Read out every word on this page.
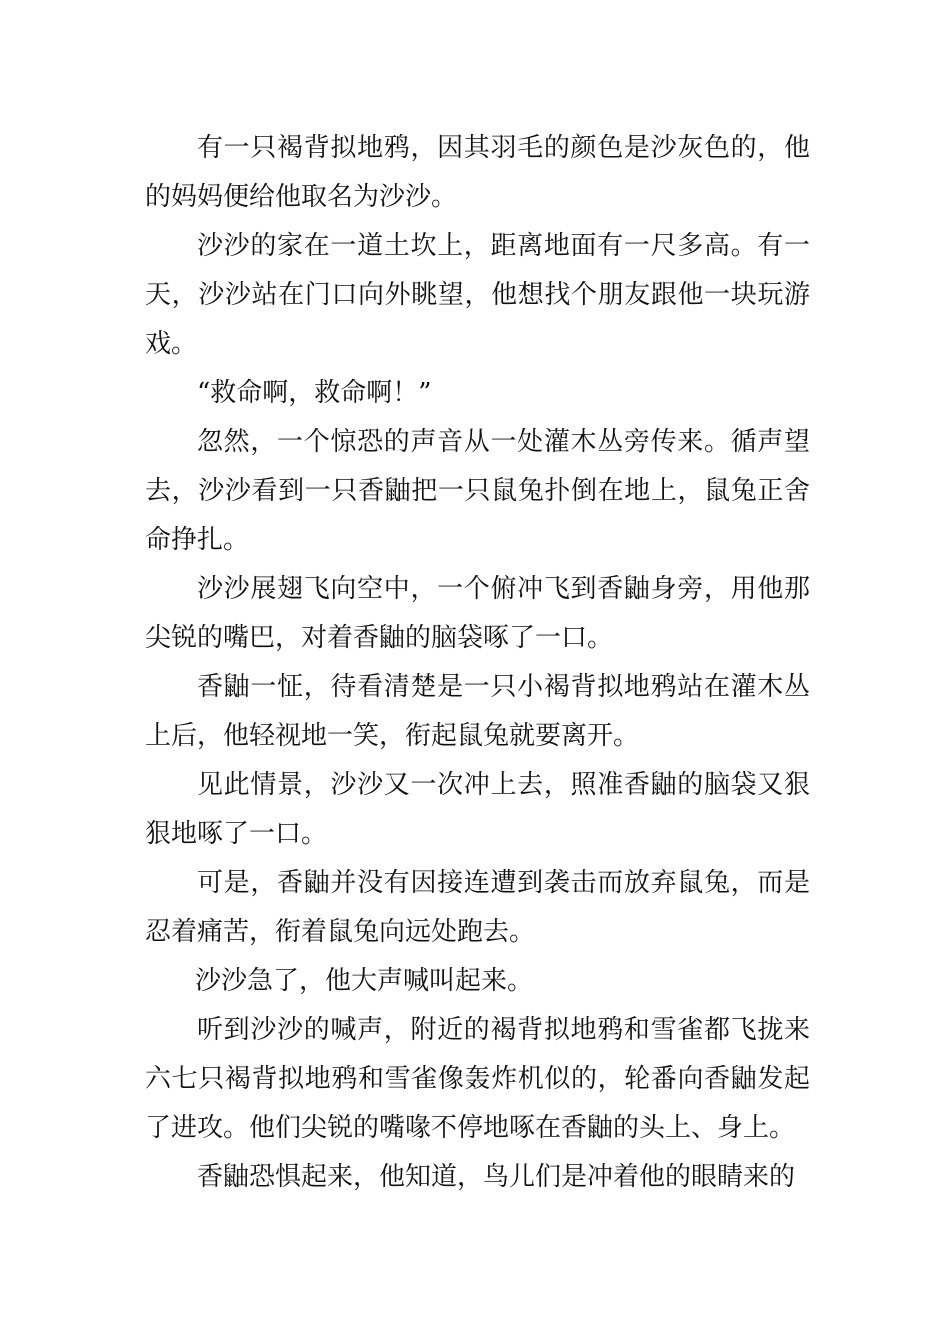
有一只褐背拟地鸦，因其羽毛的颜色是沙灰色的，他的妈妈便给他取名为沙沙。

沙沙的家在一道土坎上，距离地面有一尺多高。有一天，沙沙站在门口向外眺望，他想找个朋友跟他一块玩游戏。

“救命啊，救命啊！”

忽然，一个惊恐的声音从一处灌木丛旁传来。循声望去，沙沙看到一只香鼬把一只鼠兔扑倒在地上，鼠兔正舍命挣扎。

沙沙展翅飞向空中，一个俯冲飞到香鼬身旁，用他那尖锐的嘴巴，对着香鼬的脑袋啄了一口。

香鼬一怔，待看清楚是一只小褐背拟地鸦站在灌木丛上后，他轻视地一笑，衔起鼠兔就要离开。

见此情景，沙沙又一次冲上去，照准香鼬的脑袋又狠狠地啄了一口。

可是，香鼬并没有因接连遭到袭击而放弃鼠兔，而是忍着痛苦，衔着鼠兔向远处跑去。

沙沙急了，他大声喊叫起来。

听到沙沙的喊声，附近的褐背拟地鸦和雪雀都飞拢来六七只褐背拟地鸦和雪雀像轰炸机似的，轮番向香鼬发起了进攻。他们尖锐的嘴喙不停地啄在香鼬的头上、身上。

香鼬恐惧起来，他知道，鸟儿们是冲着他的眼睛来的
